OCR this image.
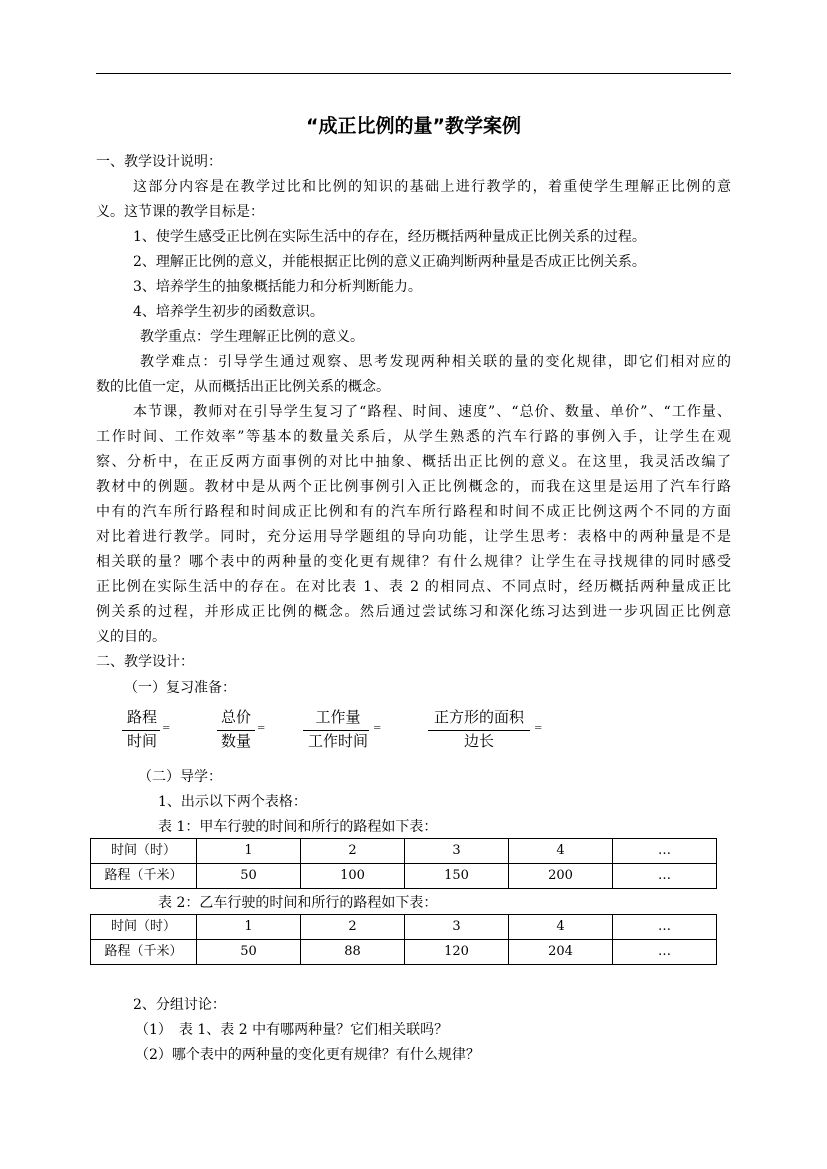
“成正比例的量”教学案例
一、教学设计说明：
这部分内容是在教学过比和比例的知识的基础上进行教学的，着重使学生理解正比例的意
义。这节课的教学目标是：
1、使学生感受正比例在实际生活中的存在，经历概括两种量成正比例关系的过程。
2、理解正比例的意义，并能根据正比例的意义正确判断两种量是否成正比例关系。
3、培养学生的抽象概括能力和分析判断能力。
4、培养学生初步的函数意识。
教学重点：学生理解正比例的意义。
教学难点：引导学生通过观察、思考发现两种相关联的量的变化规律，即它们相对应的
数的比值一定，从而概括出正比例关系的概念。
本节课，教师对在引导学生复习了“路程、时间、速度”、“总价、数量、单价”、“工作量、
工作时间、工作效率”等基本的数量关系后，从学生熟悉的汽车行路的事例入手，让学生在观
察、分析中，在正反两方面事例的对比中抽象、概括出正比例的意义。在这里，我灵活改编了
教材中的例题。教材中是从两个正比例事例引入正比例概念的，而我在这里是运用了汽车行路
中有的汽车所行路程和时间成正比例和有的汽车所行路程和时间不成正比例这两个不同的方面
对比着进行教学。同时，充分运用导学题组的导向功能，让学生思考：表格中的两种量是不是
相关联的量？哪个表中的两种量的变化更有规律？有什么规律？让学生在寻找规律的同时感受
正比例在实际生活中的存在。在对比表 1、表 2 的相同点、不同点时，经历概括两种量成正比
例关系的过程，并形成正比例的概念。然后通过尝试练习和深化练习达到进一步巩固正比例意
义的目的。
二、教学设计：
（一）复习准备：
路程
时间
=
总价
数量
=
工作量
工作时间
=
正方形的面积
边长
=
（二）导学：
1、出示以下两个表格：
表 1：甲车行驶的时间和所行的路程如下表：
时间（时）	1	2	3	4	…
路程（千米）	50	100	150	200	…
表 2：乙车行驶的时间和所行的路程如下表：
时间（时）	1	2	3	4	…
路程（千米）	50	88	120	204	…
2、分组讨论：
（1）　表 1、表 2 中有哪两种量？它们相关联吗？
（2）哪个表中的两种量的变化更有规律？有什么规律？
